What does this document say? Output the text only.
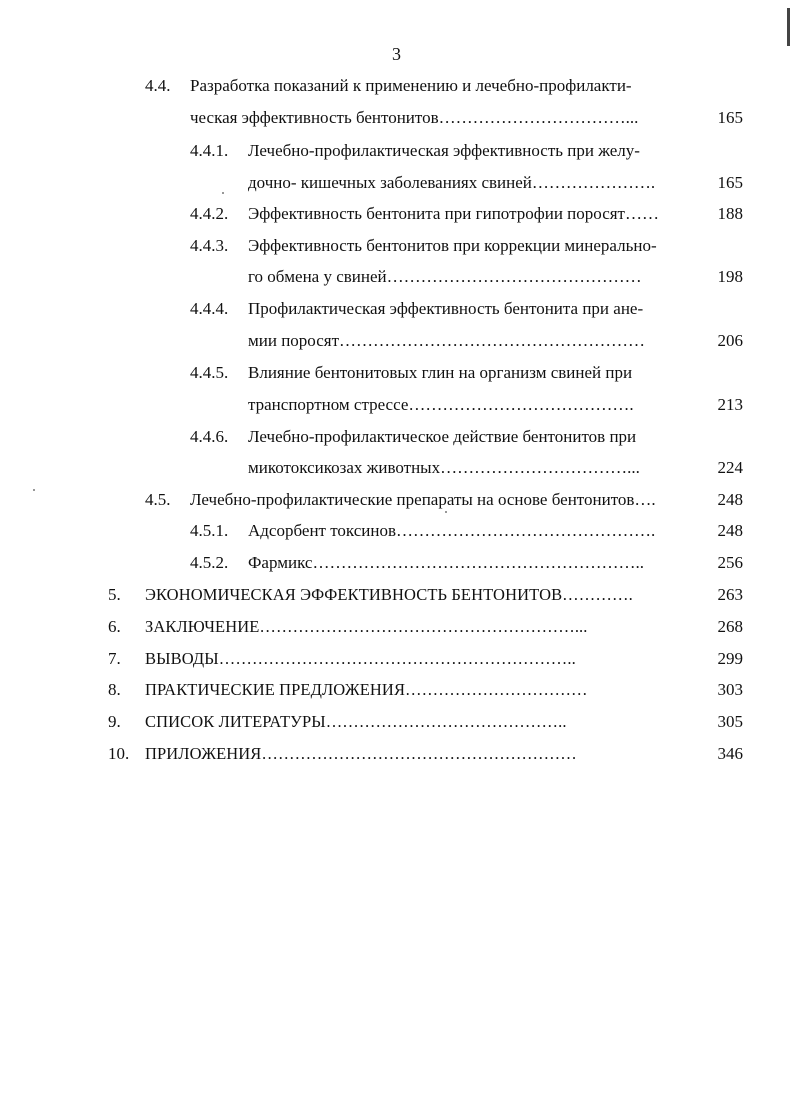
3
4.4. Разработка показаний к применению и лечебно-профилакти-
ческая эффективность бентонитов……………………………...	165
4.4.1. Лечебно-профилактическая эффективность при желу-
дочно- кишечных заболеваниях свиней………………….	165
4.4.2. Эффективность бентонита при гипотрофии поросят……	188
4.4.3. Эффективность бентонитов при коррекции минерально-
го обмена у свиней………………………………………	198
4.4.4. Профилактическая эффективность бентонита при ане-
мии поросят………………………………………………	206
4.4.5. Влияние бентонитовых глин на организм свиней при
транспортном стрессе………………………………….	213
4.4.6. Лечебно-профилактическое действие бентонитов при
микотоксикозах животных……………………………...	224
4.5. Лечебно-профилактические препараты на основе бентонитов….	248
4.5.1. Адсорбент токсинов……………………………………….	248
4.5.2. Фармикс…………………………………………………..	256
5. ЭКОНОМИЧЕСКАЯ ЭФФЕКТИВНОСТЬ БЕНТОНИТОВ………….	263
6. ЗАКЛЮЧЕНИЕ…………………………………………………...	268
7. ВЫВОДЫ………………………………………………………..	299
8. ПРАКТИЧЕСКИЕ ПРЕДЛОЖЕНИЯ……………………………	303
9. СПИСОК ЛИТЕРАТУРЫ……………………………………..	305
10. ПРИЛОЖЕНИЯ…………………………………………………	346
